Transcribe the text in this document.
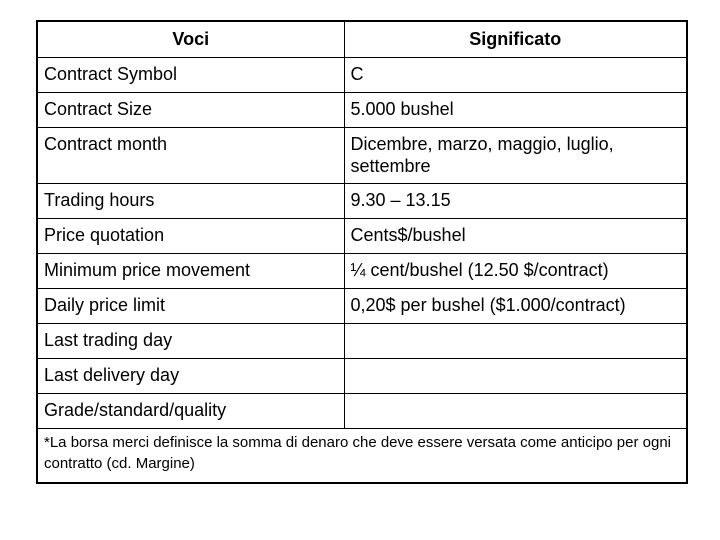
Voci	Significato
Contract Symbol	C
Contract Size	5.000 bushel
Contract month	Dicembre, marzo, maggio, luglio, settembre
Trading hours	9.30 – 13.15
Price quotation	Cents$/bushel
Minimum price movement	¼ cent/bushel (12.50 $/contract)
Daily price limit	0,20$ per bushel ($1.000/contract)
Last trading day	
Last delivery day	
Grade/standard/quality	
*La borsa merci definisce la somma di denaro che deve essere versata come anticipo per ogni contratto (cd. Margine)	
